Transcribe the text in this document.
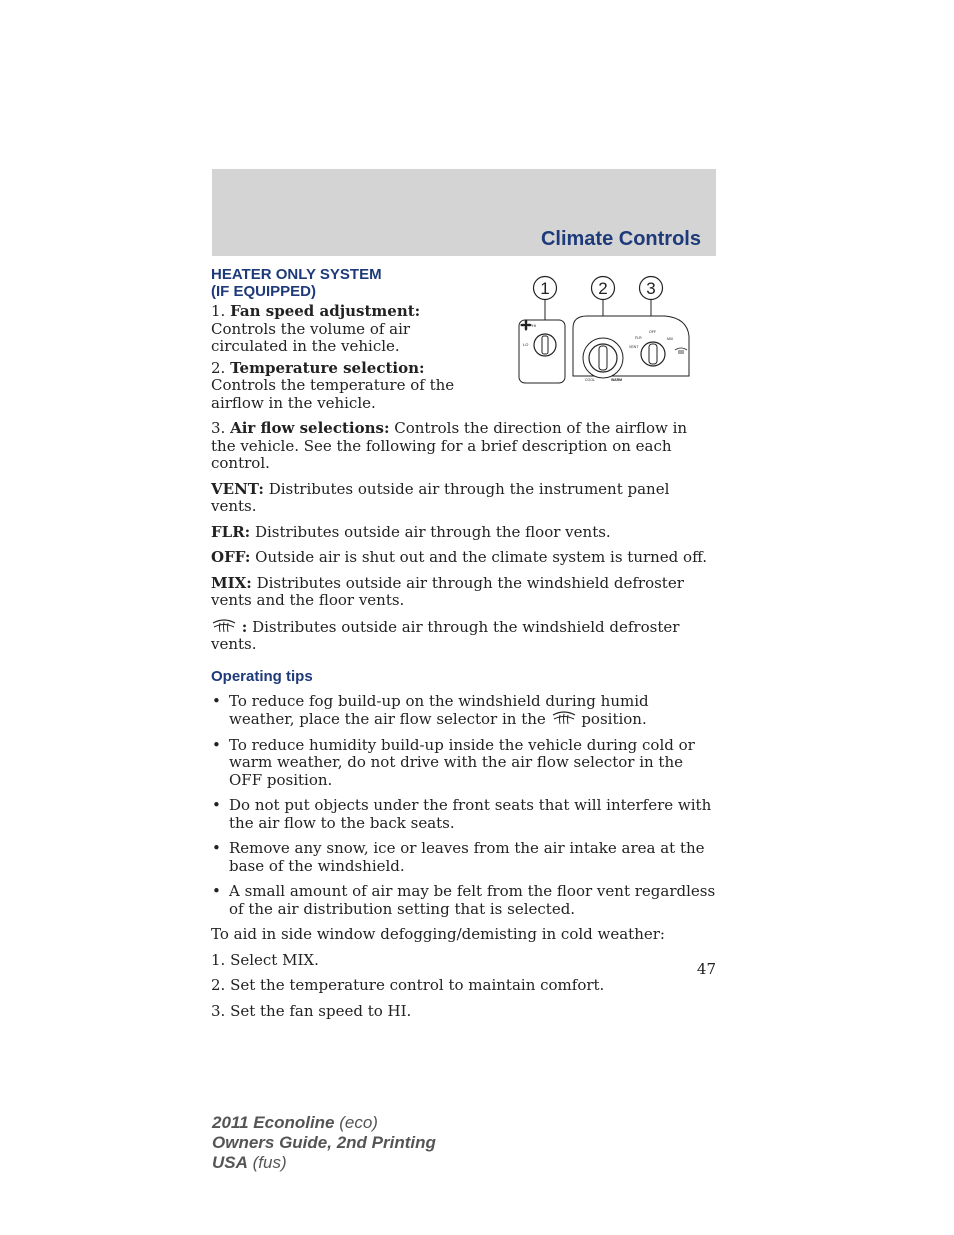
Climate Controls
1	2 3
HI
LO
COOL	WARM
FLR
VENT
MIX
OFF
HEATER ONLY SYSTEM
(IF EQUIPPED)

1. Fan speed adjustment: Controls the volume of air circulated in the vehicle.

2. Temperature selection: Controls the temperature of the airflow in the vehicle.

3. Air flow selections: Controls the direction of the airflow in the vehicle. See the following for a brief description on each control.

VENT: Distributes outside air through the instrument panel vents.

FLR: Distributes outside air through the floor vents.

OFF: Outside air is shut out and the climate system is turned off.

MIX: Distributes outside air through the windshield defroster vents and the floor vents.

: Distributes outside air through the windshield defroster vents.

Operating tips
• To reduce fog build-up on the windshield during humid weather, place the air flow selector in the  position.
• To reduce humidity build-up inside the vehicle during cold or warm weather, do not drive with the air flow selector in the OFF position.
• Do not put objects under the front seats that will interfere with the air flow to the back seats.
• Remove any snow, ice or leaves from the air intake area at the base of the windshield.
• A small amount of air may be felt from the floor vent regardless of the air distribution setting that is selected.

To aid in side window defogging/demisting in cold weather:

1. Select MIX.

2. Set the temperature control to maintain comfort.

3. Set the fan speed to HI.

47
2011 Econoline (eco)
Owners Guide, 2nd Printing
USA (fus)
